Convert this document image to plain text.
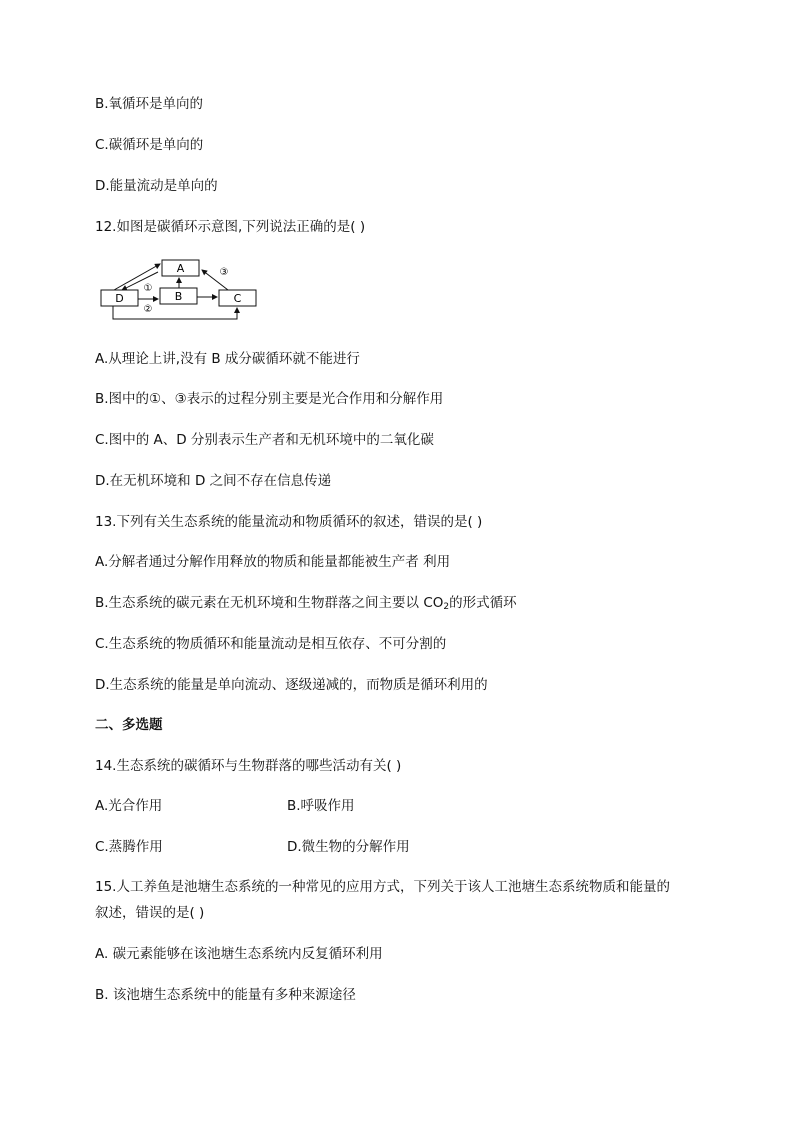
B.氧循环是单向的
C.碳循环是单向的
D.能量流动是单向的
12.如图是碳循环示意图,下列说法正确的是( )
A
B
D	C
①
②
③
A.从理论上讲,没有 B 成分碳循环就不能进行
B.图中的①、③表示的过程分别主要是光合作用和分解作用
C.图中的 A、D 分别表示生产者和无机环境中的二氧化碳
D.在无机环境和 D 之间不存在信息传递
13.下列有关生态系统的能量流动和物质循环的叙述，错误的是( )
A.分解者通过分解作用释放的物质和能量都能被生产者 利用
B.生态系统的碳元素在无机环境和生物群落之间主要以 $CO_2$的形式循环
C.生态系统的物质循环和能量流动是相互依存、不可分割的
D.生态系统的能量是单向流动、逐级递减的，而物质是循环利用的
二、多选题
14.生态系统的碳循环与生物群落的哪些活动有关( )
A.光合作用	B.呼吸作用
C.蒸腾作用	D.微生物的分解作用
15.人工养鱼是池塘生态系统的一种常见的应用方式，下列关于该人工池塘生态系统物质和能量的
叙述，错误的是( )
A. 碳元素能够在该池塘生态系统内反复循环利用
B. 该池塘生态系统中的能量有多种来源途径
